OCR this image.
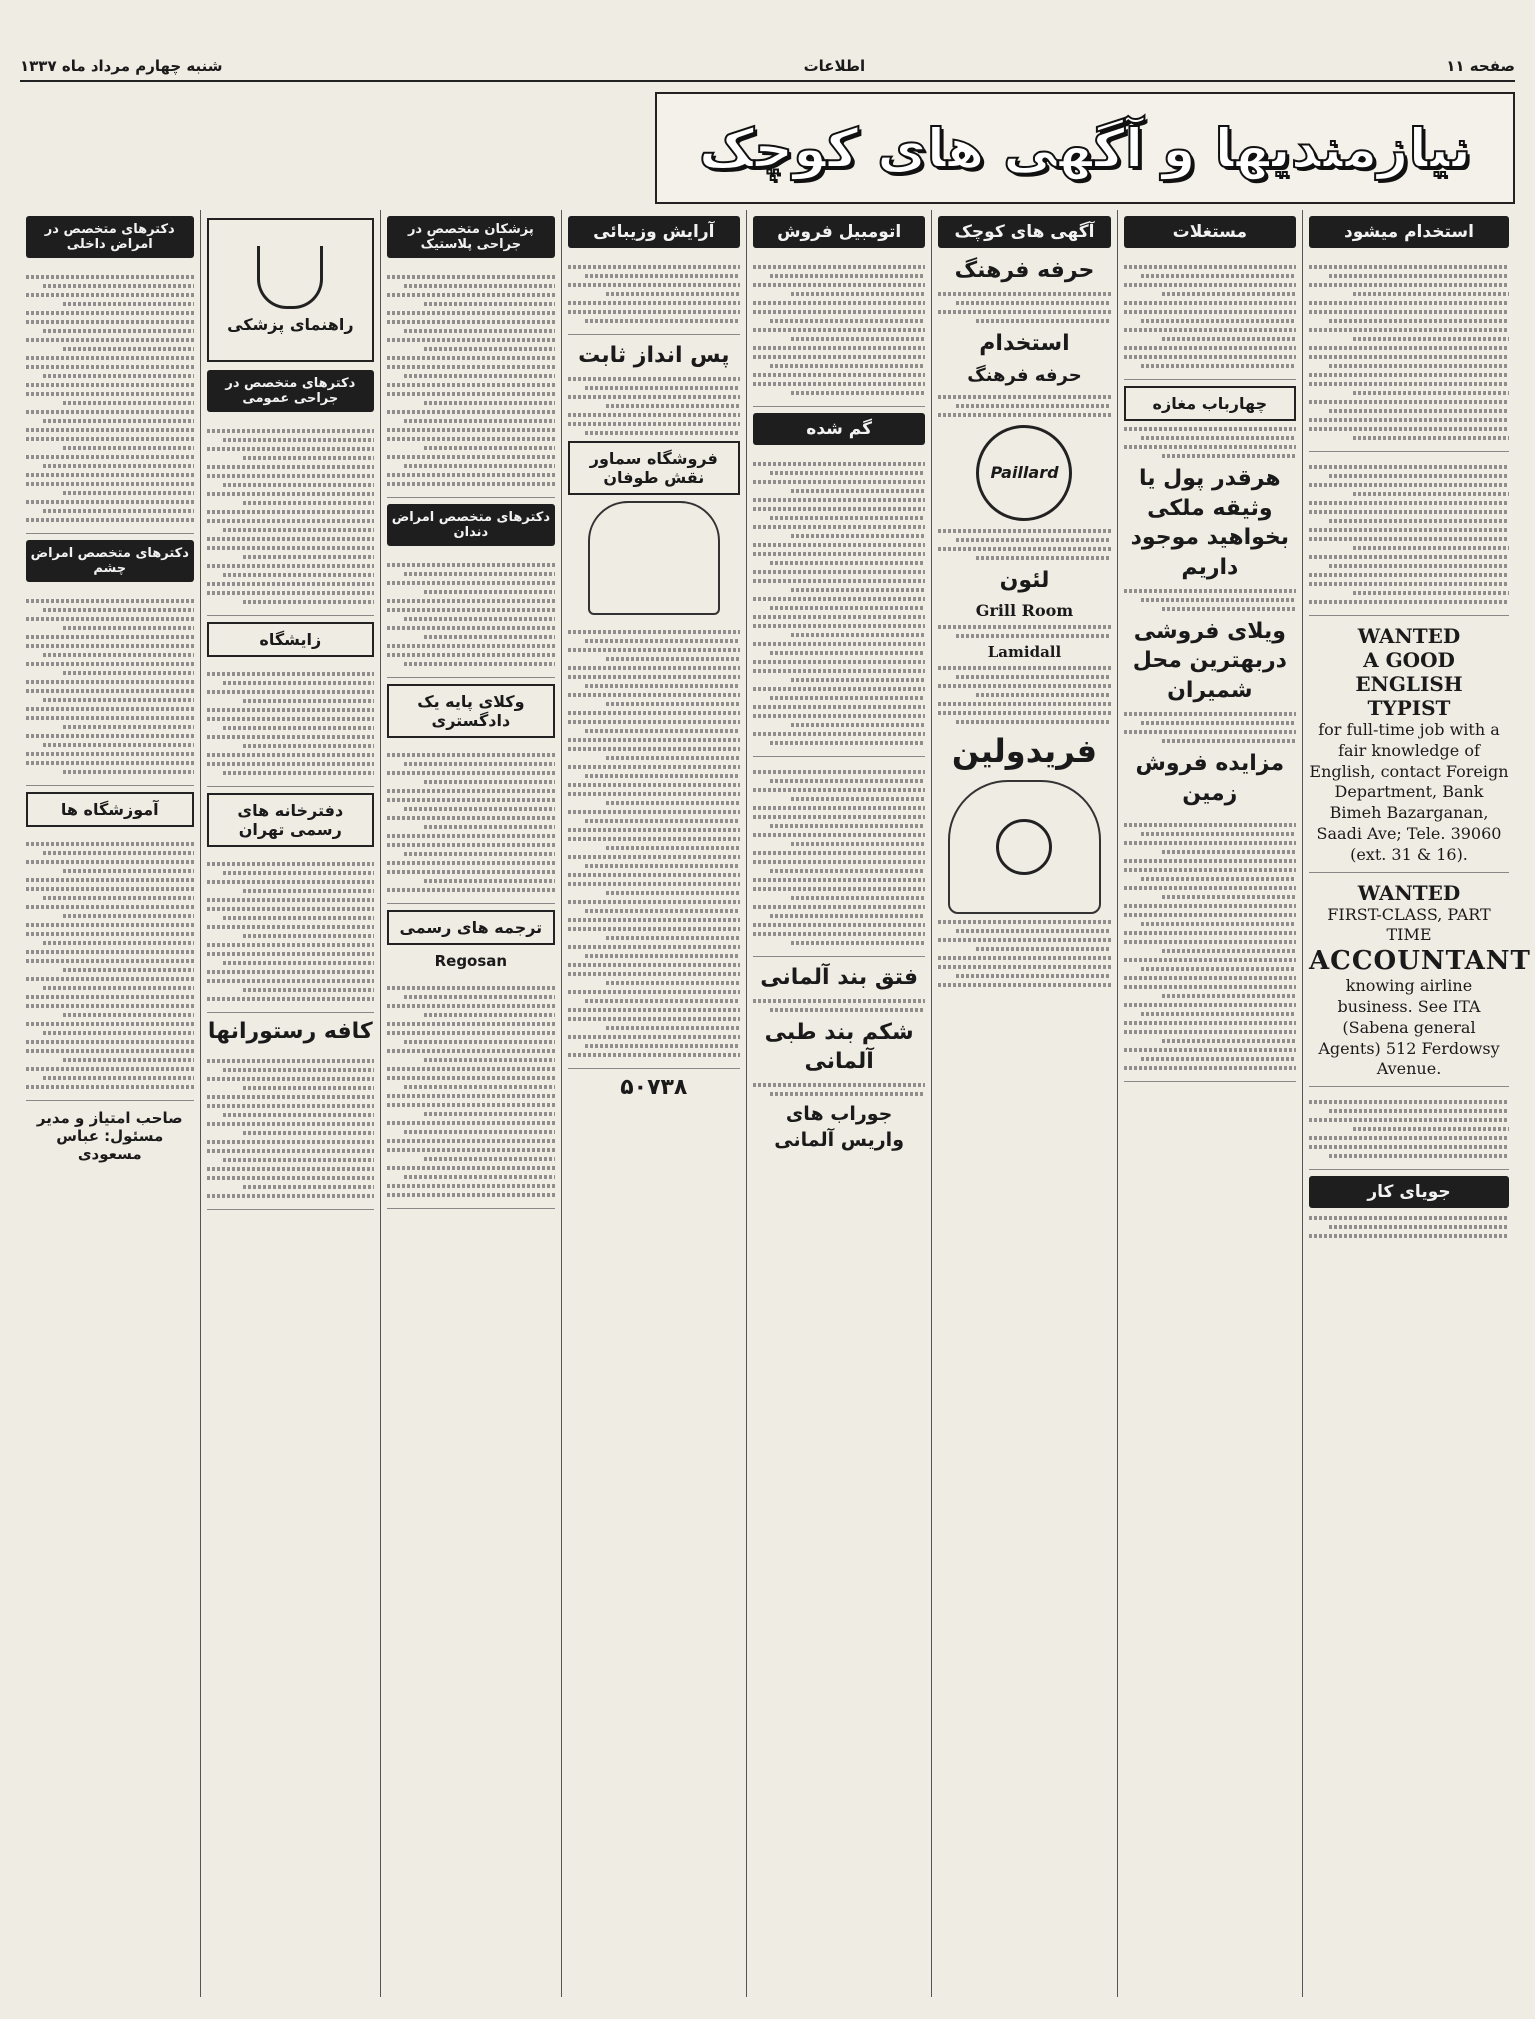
صفحه ۱۱
اطلاعات
شنبه چهارم مرداد ماه ۱۳۳۷
نیازمندیها و آگهی های کوچک
استخدام میشود
WANTED
A GOOD ENGLISH
TYPIST
for full-time job with a fair knowledge of English, contact Foreign Department, Bank Bimeh Bazarganan, Saadi Ave; Tele. 39060 (ext. 31 & 16).
WANTED
FIRST-CLASS, PART TIME
ACCOUNTANT
knowing airline business. See ITA (Sabena general Agents) 512 Ferdowsy Avenue.
جویای کار
مستغلات
چهارباب مغازه
هرقدر پول یا وثیقه ملکی بخواهید موجود داریم
ویلای فروشی دربهترین محل شمیران
مزایده فروش زمین
آگهی های کوچک
حرفه فرهنگ
استخدام
حرفه فرهنگ
Paillard
لئون
Grill Room
Lamidall
فریدولین
اتومبیل فروش
گم شده
فتق بند آلمانی
شکم بند طبی آلمانی
جوراب های واریس آلمانی
آرایش وزیبائی
پس انداز ثابت
فروشگاه سماور نقش طوفان
۵۰۷۳۸
پزشکان متخصص در جراحی پلاستیک
دکترهای متخصص امراض دندان
وکلای پایه یک دادگستری
ترجمه های رسمی
Regosan
راهنمای پزشکی
دکترهای متخصص در جراحی عمومی
زایشگاه
دفترخانه های رسمی تهران
کافه رستورانها
دکترهای متخصص در امراض داخلی
دکترهای متخصص امراض چشم
آموزشگاه ها
صاحب امتیاز و مدیر مسئول: عباس مسعودی
